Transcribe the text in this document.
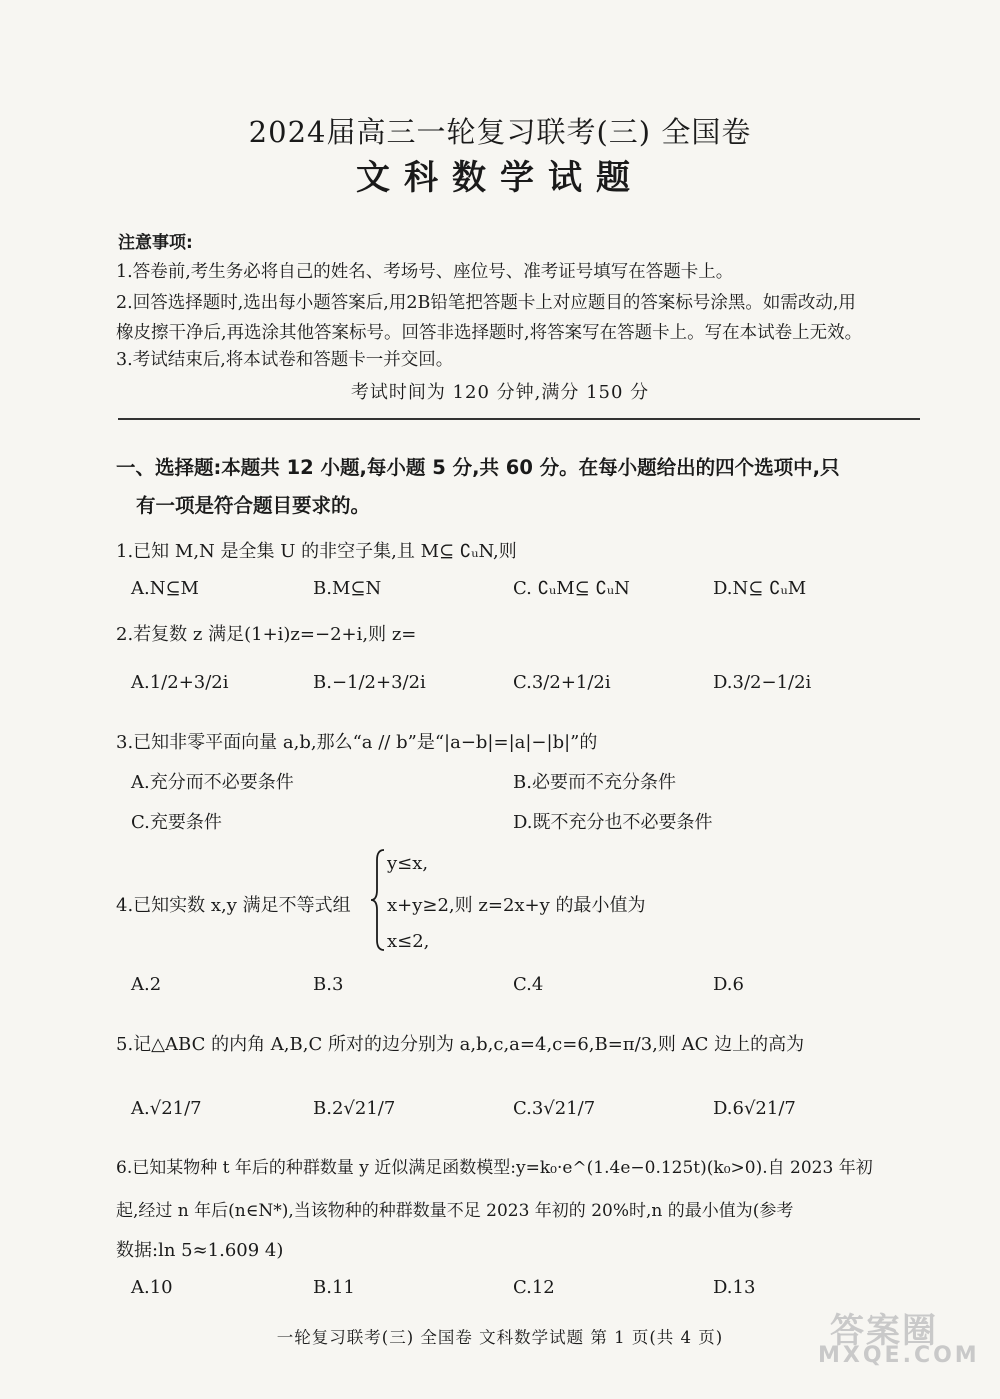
2024届高三一轮复习联考(三) 全国卷
文科数学试题
注意事项:
1.答卷前,考生务必将自己的姓名、考场号、座位号、准考证号填写在答题卡上。
2.回答选择题时,选出每小题答案后,用2B铅笔把答题卡上对应题目的答案标号涂黑。如需改动,用
橡皮擦干净后,再选涂其他答案标号。回答非选择题时,将答案写在答题卡上。写在本试卷上无效。
3.考试结束后,将本试卷和答题卡一并交回。
考试时间为 120 分钟,满分 150 分
一、选择题:本题共 12 小题,每小题 5 分,共 60 分。在每小题给出的四个选项中,只
有一项是符合题目要求的。
1.已知 M,N 是全集 U 的非空子集,且 M⊆ ∁ᵤN,则
A.N⊆M	B.M⊆N	C. ∁ᵤM⊆ ∁ᵤN	D.N⊆ ∁ᵤM
2.若复数 z 满足(1+i)z=−2+i,则 z=
A.1/2+3/2i	B.−1/2+3/2i	C.3/2+1/2i	D.3/2−1/2i
3.已知非零平面向量 a,b,那么“a // b”是“|a−b|=|a|−|b|”的
A.充分而不必要条件	B.必要而不充分条件
C.充要条件	D.既不充分也不必要条件
4.已知实数 x,y 满足不等式组
y≤x,
x+y≥2,则 z=2x+y 的最小值为
x≤2,
A.2	B.3	C.4	D.6
5.记△ABC 的内角 A,B,C 所对的边分别为 a,b,c,a=4,c=6,B=π/3,则 AC 边上的高为
A.√21/7	B.2√21/7	C.3√21/7	D.6√21/7
6.已知某物种 t 年后的种群数量 y 近似满足函数模型:y=k₀·e^(1.4e−0.125t)(k₀>0).自 2023 年初
起,经过 n 年后(n∈N*),当该物种的种群数量不足 2023 年初的 20%时,n 的最小值为(参考
数据:ln 5≈1.609 4)
A.10	B.11	C.12	D.13
一轮复习联考(三) 全国卷 文科数学试题 第 1 页(共 4 页)	答案圈
MXQE.COM
